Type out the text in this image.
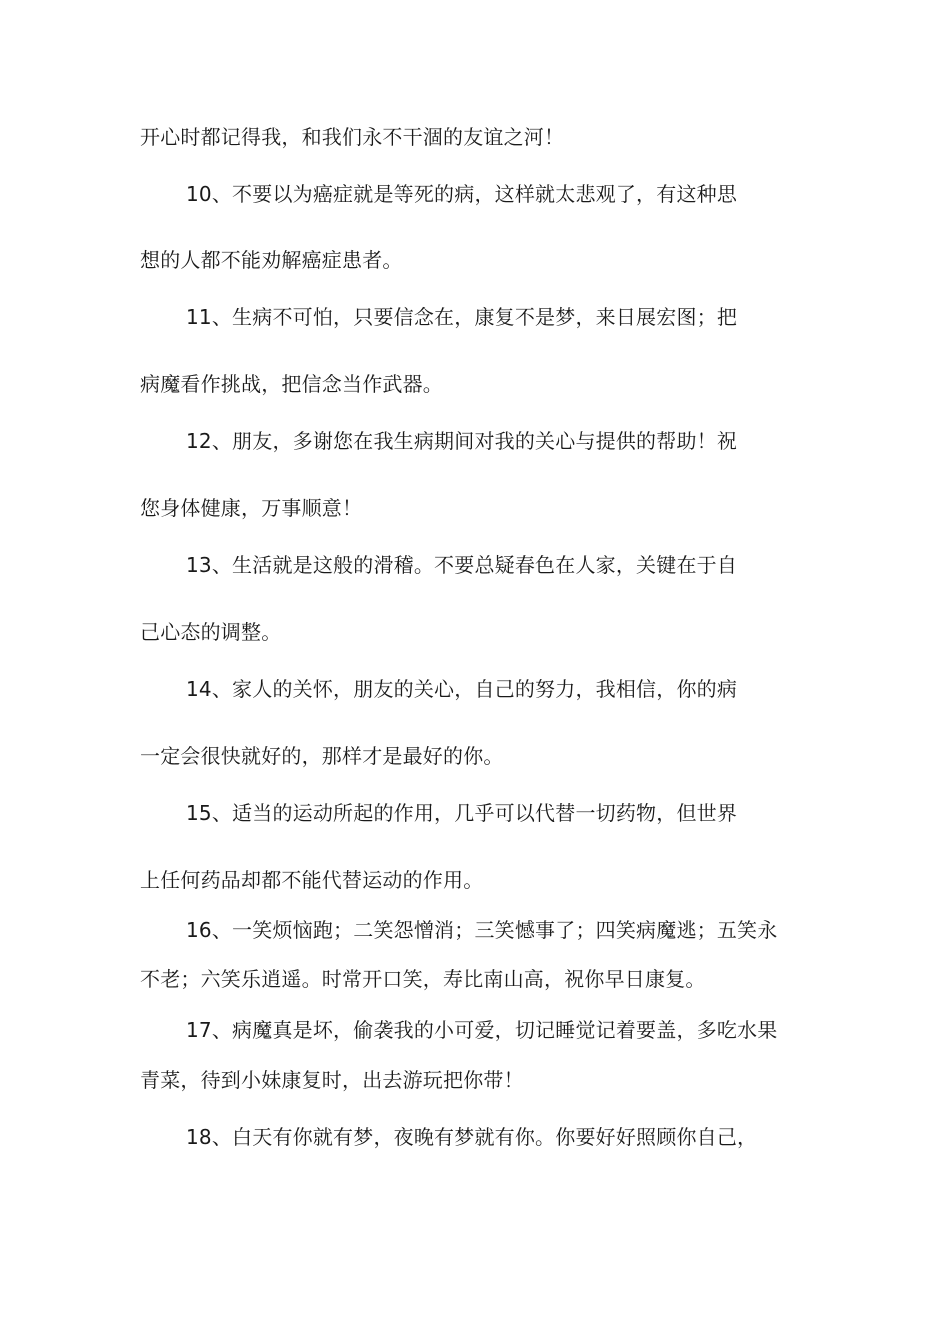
开心时都记得我，和我们永不干涸的友谊之河！
10、不要以为癌症就是等死的病，这样就太悲观了，有这种思
想的人都不能劝解癌症患者。
11、生病不可怕，只要信念在，康复不是梦，来日展宏图；把
病魔看作挑战，把信念当作武器。
12、朋友，多谢您在我生病期间对我的关心与提供的帮助！祝
您身体健康，万事顺意！
13、生活就是这般的滑稽。不要总疑春色在人家，关键在于自
己心态的调整。
14、家人的关怀，朋友的关心，自己的努力，我相信，你的病
一定会很快就好的，那样才是最好的你。
15、适当的运动所起的作用，几乎可以代替一切药物，但世界
上任何药品却都不能代替运动的作用。
16、一笑烦恼跑；二笑怨憎消；三笑憾事了；四笑病魔逃；五笑永
不老；六笑乐逍遥。时常开口笑，寿比南山高，祝你早日康复。
17、病魔真是坏，偷袭我的小可爱，切记睡觉记着要盖，多吃水果
青菜，待到小妹康复时，出去游玩把你带！
18、白天有你就有梦，夜晚有梦就有你。你要好好照顾你自己，
